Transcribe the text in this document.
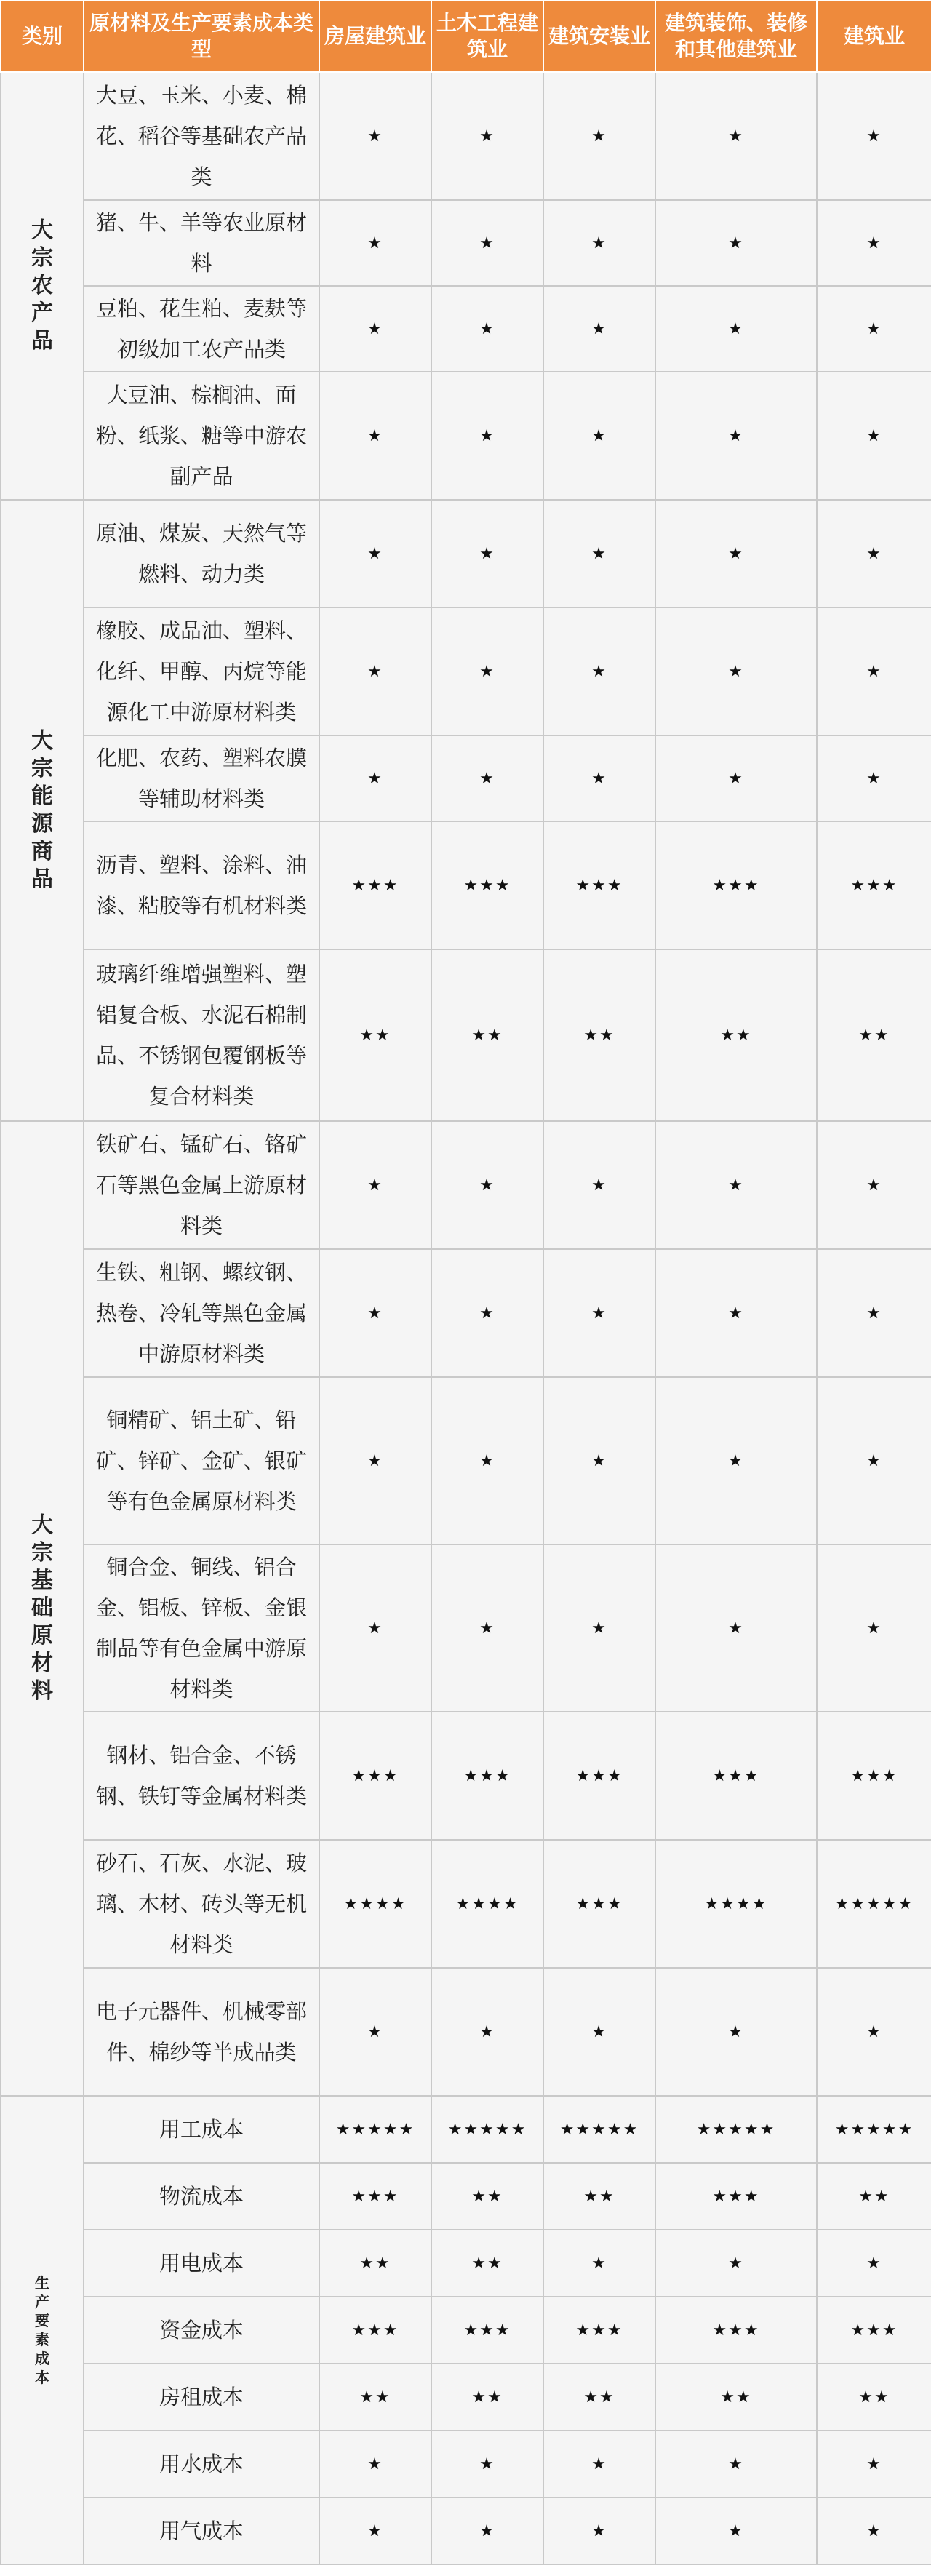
类别	原材料及生产要素成本类型	房屋建筑业	土木工程建筑业	建筑安装业	建筑装饰、装修和其他建筑业	建筑业
大宗农产品	大豆、玉米、小麦、棉花、稻谷等基础农产品类	★	★	★	★	★
	猪、牛、羊等农业原材料	★	★	★	★	★
	豆粕、花生粕、麦麸等初级加工农产品类	★	★	★	★	★
	大豆油、棕榈油、面粉、纸浆、糖等中游农副产品	★	★	★	★	★
大宗能源商品	原油、煤炭、天然气等燃料、动力类	★	★	★	★	★
	橡胶、成品油、塑料、化纤、甲醇、丙烷等能源化工中游原材料类	★	★	★	★	★
	化肥、农药、塑料农膜等辅助材料类	★	★	★	★	★
	沥青、塑料、涂料、油漆、粘胶等有机材料类	★★★	★★★	★★★	★★★	★★★
	玻璃纤维增强塑料、塑铝复合板、水泥石棉制品、不锈钢包覆钢板等复合材料类	★★	★★	★★	★★	★★
大宗基础原材料	铁矿石、锰矿石、铬矿石等黑色金属上游原材料类	★	★	★	★	★
	生铁、粗钢、螺纹钢、热卷、冷轧等黑色金属中游原材料类	★	★	★	★	★
	铜精矿、铝土矿、铅矿、锌矿、金矿、银矿等有色金属原材料类	★	★	★	★	★
	铜合金、铜线、铝合金、铝板、锌板、金银制品等有色金属中游原材料类	★	★	★	★	★
	钢材、铝合金、不锈钢、铁钉等金属材料类	★★★	★★★	★★★	★★★	★★★
	砂石、石灰、水泥、玻璃、木材、砖头等无机材料类	★★★★	★★★★	★★★	★★★★	★★★★★
	电子元器件、机械零部件、棉纱等半成品类	★	★	★	★	★
生产要素成本	用工成本	★★★★★	★★★★★	★★★★★	★★★★★	★★★★★
	物流成本	★★★	★★	★★	★★★	★★
	用电成本	★★	★★	★	★	★
	资金成本	★★★	★★★	★★★	★★★	★★★
	房租成本	★★	★★	★★	★★	★★
	用水成本	★	★	★	★	★
	用气成本	★	★	★	★	★
